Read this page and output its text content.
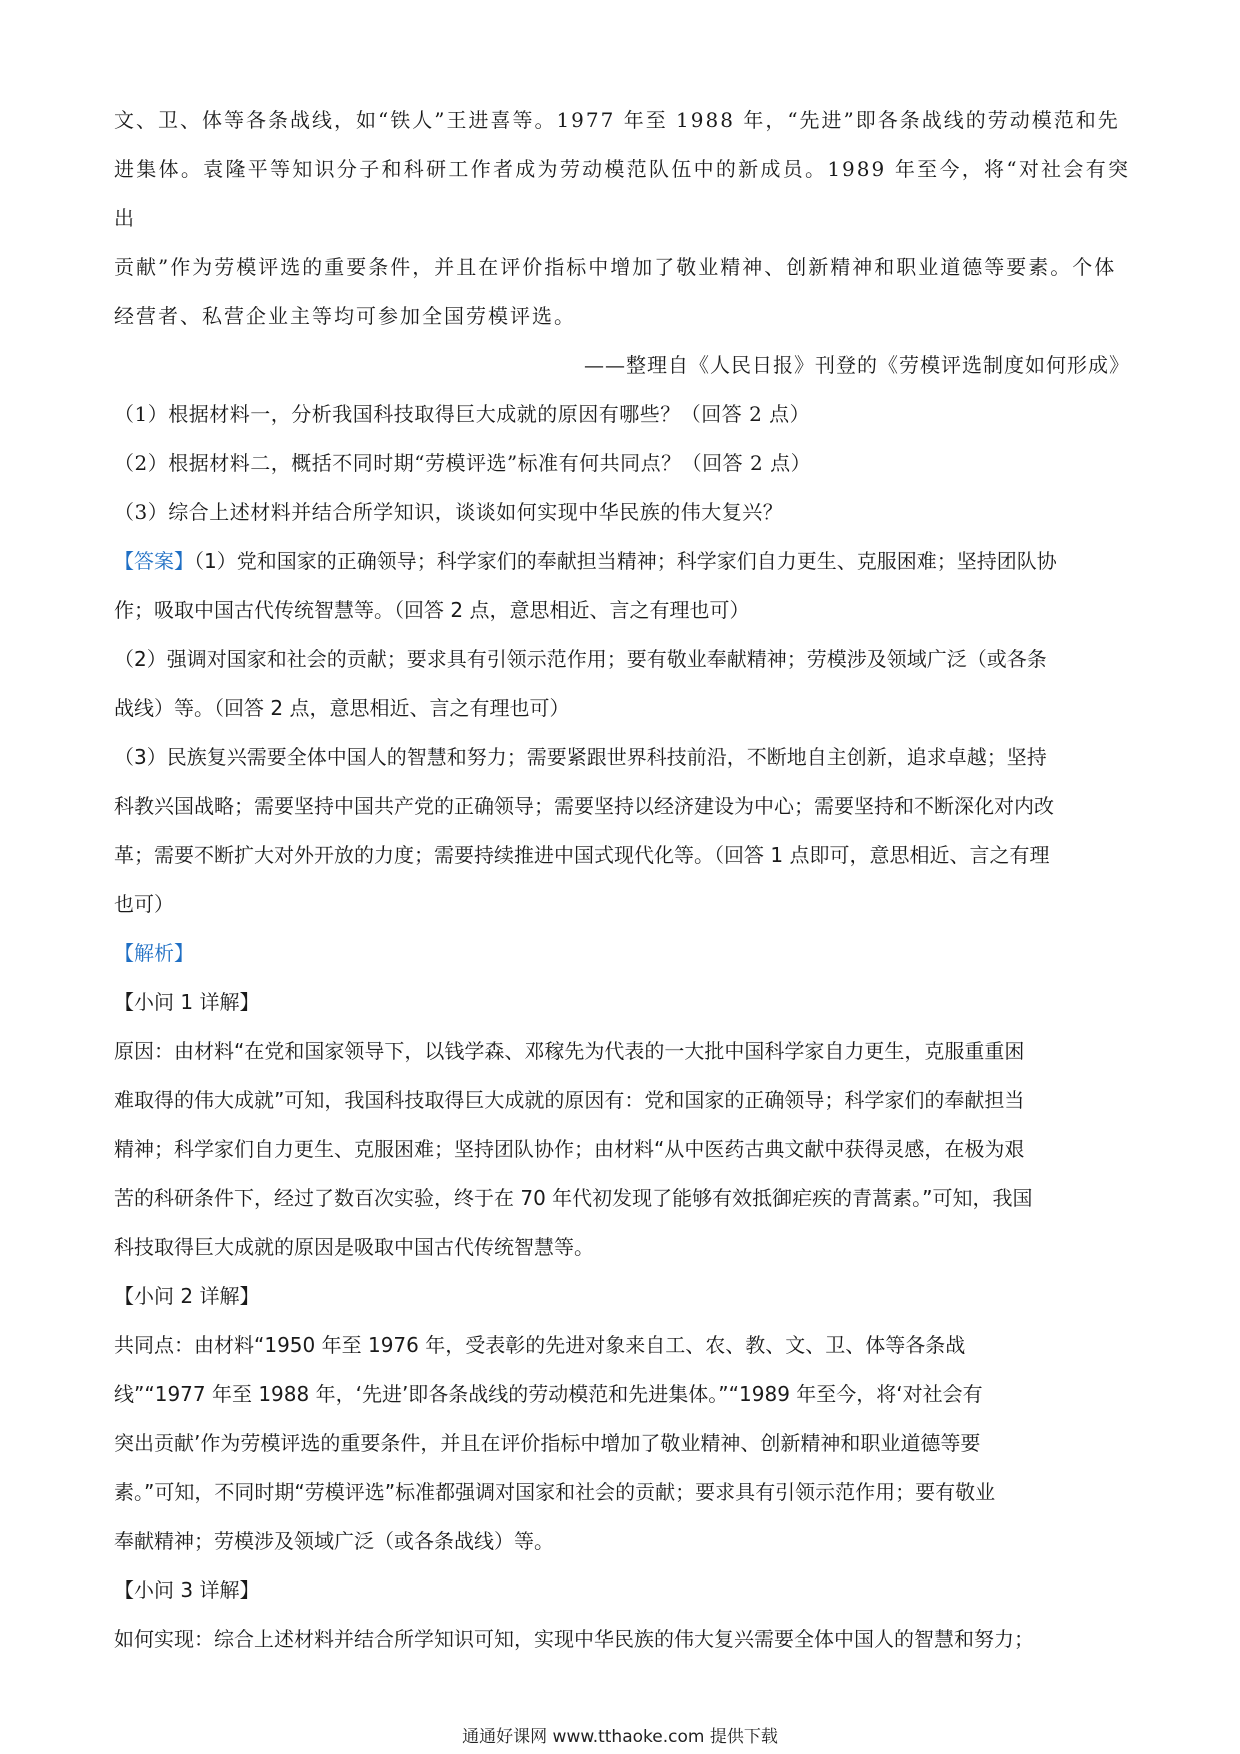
文、卫、体等各条战线，如“铁人”王进喜等。1977 年至 1988 年，“先进”即各条战线的劳动模范和先

进集体。袁隆平等知识分子和科研工作者成为劳动模范队伍中的新成员。1989 年至今，将“对社会有突出

贡献”作为劳模评选的重要条件，并且在评价指标中增加了敬业精神、创新精神和职业道德等要素。个体

经营者、私营企业主等均可参加全国劳模评选。

——整理自《人民日报》刊登的《劳模评选制度如何形成》

（1）根据材料一，分析我国科技取得巨大成就的原因有哪些？（回答 2 点）

（2）根据材料二，概括不同时期“劳模评选”标准有何共同点？（回答 2 点）

（3）综合上述材料并结合所学知识，谈谈如何实现中华民族的伟大复兴？

【答案】（1）党和国家的正确领导；科学家们的奉献担当精神；科学家们自力更生、克服困难；坚持团队协

作；吸取中国古代传统智慧等。（回答 2 点，意思相近、言之有理也可）

（2）强调对国家和社会的贡献；要求具有引领示范作用；要有敬业奉献精神；劳模涉及领域广泛（或各条

战线）等。（回答 2 点，意思相近、言之有理也可）

（3）民族复兴需要全体中国人的智慧和努力；需要紧跟世界科技前沿，不断地自主创新，追求卓越；坚持

科教兴国战略；需要坚持中国共产党的正确领导；需要坚持以经济建设为中心；需要坚持和不断深化对内改

革；需要不断扩大对外开放的力度；需要持续推进中国式现代化等。（回答 1 点即可，意思相近、言之有理

也可）

【解析】

【小问 1 详解】

原因：由材料“在党和国家领导下，以钱学森、邓稼先为代表的一大批中国科学家自力更生，克服重重困

难取得的伟大成就”可知，我国科技取得巨大成就的原因有：党和国家的正确领导；科学家们的奉献担当

精神；科学家们自力更生、克服困难；坚持团队协作；由材料“从中医药古典文献中获得灵感，在极为艰

苦的科研条件下，经过了数百次实验，终于在 70 年代初发现了能够有效抵御疟疾的青蒿素。”可知，我国

科技取得巨大成就的原因是吸取中国古代传统智慧等。

【小问 2 详解】

共同点：由材料“1950 年至 1976 年，受表彰的先进对象来自工、农、教、文、卫、体等各条战

线”“1977 年至 1988 年，‘先进’即各条战线的劳动模范和先进集体。”“1989 年至今，将‘对社会有

突出贡献’作为劳模评选的重要条件，并且在评价指标中增加了敬业精神、创新精神和职业道德等要

素。”可知，不同时期“劳模评选”标准都强调对国家和社会的贡献；要求具有引领示范作用；要有敬业

奉献精神；劳模涉及领域广泛（或各条战线）等。

【小问 3 详解】

如何实现：综合上述材料并结合所学知识可知，实现中华民族的伟大复兴需要全体中国人的智慧和努力；

通通好课网 www.tthaoke.com 提供下载
